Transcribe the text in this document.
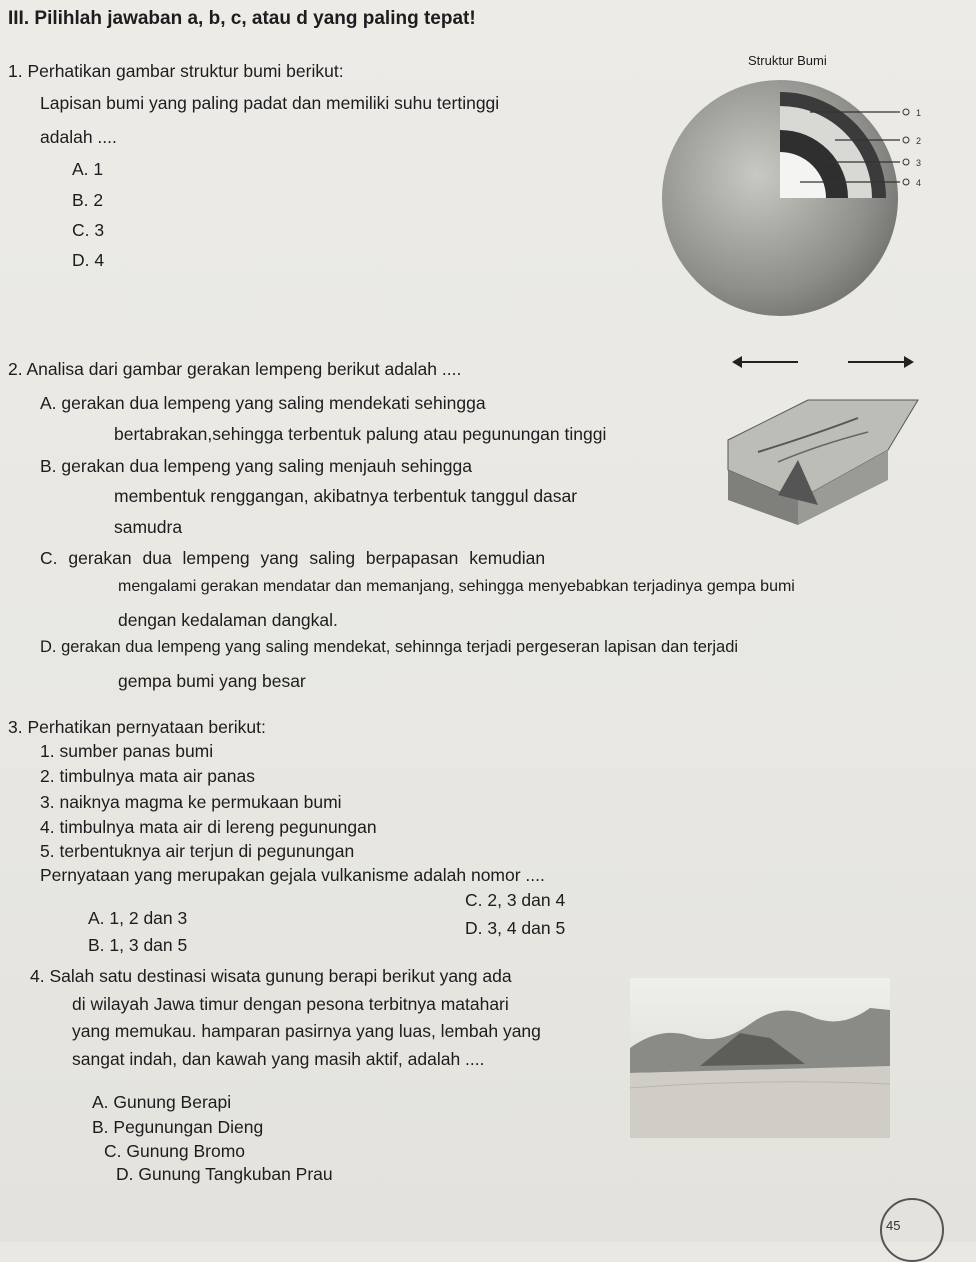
III. Pilihlah jawaban a, b, c, atau d yang paling tepat!
1. Perhatikan gambar struktur bumi berikut:
Lapisan bumi yang paling padat dan memiliki suhu tertinggi
adalah ....
A. 1
B. 2
C. 3
D. 4
Struktur Bumi
1
2
3
4
2. Analisa dari gambar gerakan lempeng berikut adalah ....
A. gerakan dua lempeng yang saling mendekati sehingga
bertabrakan,sehingga terbentuk palung atau pegunungan tinggi
B. gerakan dua lempeng yang saling menjauh sehingga
membentuk renggangan, akibatnya terbentuk tanggul dasar
samudra
C. gerakan dua lempeng yang saling berpapasan kemudian
mengalami gerakan mendatar dan memanjang, sehingga menyebabkan terjadinya gempa bumi
dengan kedalaman dangkal.
D. gerakan dua lempeng yang saling mendekat, sehinnga terjadi pergeseran lapisan dan terjadi
gempa bumi yang besar
3. Perhatikan pernyataan berikut:
1. sumber panas bumi
2. timbulnya mata air panas
3. naiknya magma ke permukaan bumi
4. timbulnya mata air di lereng pegunungan
5. terbentuknya air terjun di pegunungan
Pernyataan yang merupakan gejala vulkanisme adalah nomor ....
A. 1, 2 dan 3
B. 1, 3 dan 5
C. 2, 3 dan 4
D. 3, 4 dan 5
4. Salah satu destinasi wisata gunung berapi berikut yang ada
di wilayah Jawa timur dengan pesona terbitnya matahari
yang memukau. hamparan pasirnya yang luas, lembah yang
sangat indah, dan kawah yang masih aktif, adalah ....
A. Gunung Berapi
B. Pegunungan Dieng
C. Gunung Bromo
D. Gunung Tangkuban Prau
45
